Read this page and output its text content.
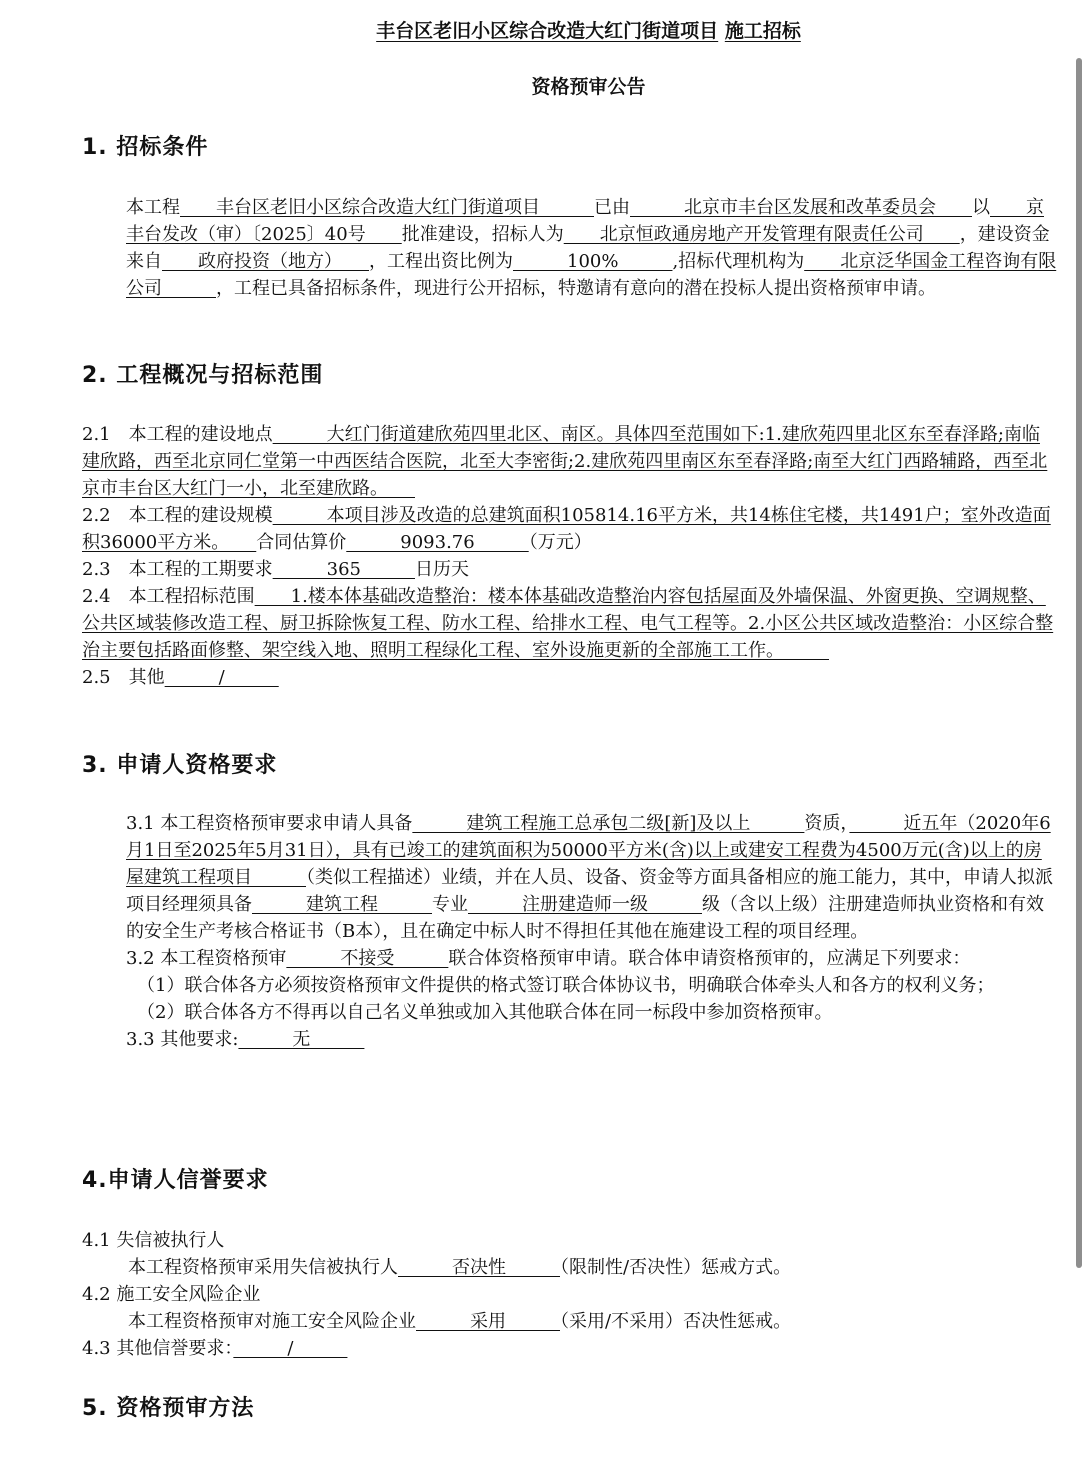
丰台区老旧小区综合改造大红门街道项目 施工招标
资格预审公告
1. 招标条件

本工程　　丰台区老旧小区综合改造大红门街道项目　　　已由　　　北京市丰台区发展和改革委员会　　以　　京丰台发改（审）〔2025〕40号　　批准建设，招标人为　　北京恒政通房地产开发管理有限责任公司　　，建设资金来自　　政府投资（地方）　　，工程出资比例为　　　100%　　　,招标代理机构为　　北京泛华国金工程咨询有限公司　　　，工程已具备招标条件，现进行公开招标，特邀请有意向的潜在投标人提出资格预审申请。

2. 工程概况与招标范围

2.1　本工程的建设地点　　　大红门街道建欣苑四里北区、南区。具体四至范围如下:1.建欣苑四里北区东至春泽路;南临建欣路，西至北京同仁堂第一中西医结合医院，北至大李密街;2.建欣苑四里南区东至春泽路;南至大红门西路辅路，西至北京市丰台区大红门一小，北至建欣路。　　

2.2　本工程的建设规模　　　本项目涉及改造的总建筑面积105814.16平方米，共14栋住宅楼，共1491户；室外改造面积36000平方米。　　合同估算价　　　9093.76　　　（万元）

2.3　本工程的工期要求　　　365　　　日历天

2.4　本工程招标范围　　1.楼本体基础改造整治：楼本体基础改造整治内容包括屋面及外墙保温、外窗更换、空调规整、公共区域装修改造工程、厨卫拆除恢复工程、防水工程、给排水工程、电气工程等。2.小区公共区域改造整治：小区综合整治主要包括路面修整、架空线入地、照明工程绿化工程、室外设施更新的全部施工工作。　　　

2.5　其他　　　/　　　

3. 申请人资格要求

3.1 本工程资格预审要求申请人具备　　　建筑工程施工总承包二级[新]及以上　　　资质，　　　近五年（2020年6月1日至2025年5月31日），具有已竣工的建筑面积为50000平方米(含)以上或建安工程费为4500万元(含)以上的房屋建筑工程项目　　　（类似工程描述）业绩，并在人员、设备、资金等方面具备相应的施工能力，其中，申请人拟派项目经理须具备　　　建筑工程　　　专业　　　注册建造师一级　　　级（含以上级）注册建造师执业资格和有效的安全生产考核合格证书（B本），且在确定中标人时不得担任其他在施建设工程的项目经理。

3.2 本工程资格预审　　　不接受　　　联合体资格预审申请。联合体申请资格预审的，应满足下列要求：

（1）联合体各方必须按资格预审文件提供的格式签订联合体协议书，明确联合体牵头人和各方的权利义务；

（2）联合体各方不得再以自己名义单独或加入其他联合体在同一标段中参加资格预审。

3.3 其他要求:　　　无　　　

4.申请人信誉要求

4.1 失信被执行人

本工程资格预审采用失信被执行人　　　否决性　　　（限制性/否决性）惩戒方式。

4.2 施工安全风险企业

本工程资格预审对施工安全风险企业　　　采用　　　（采用/不采用）否决性惩戒。

4.3 其他信誉要求：　　　/　　　

5. 资格预审方法
